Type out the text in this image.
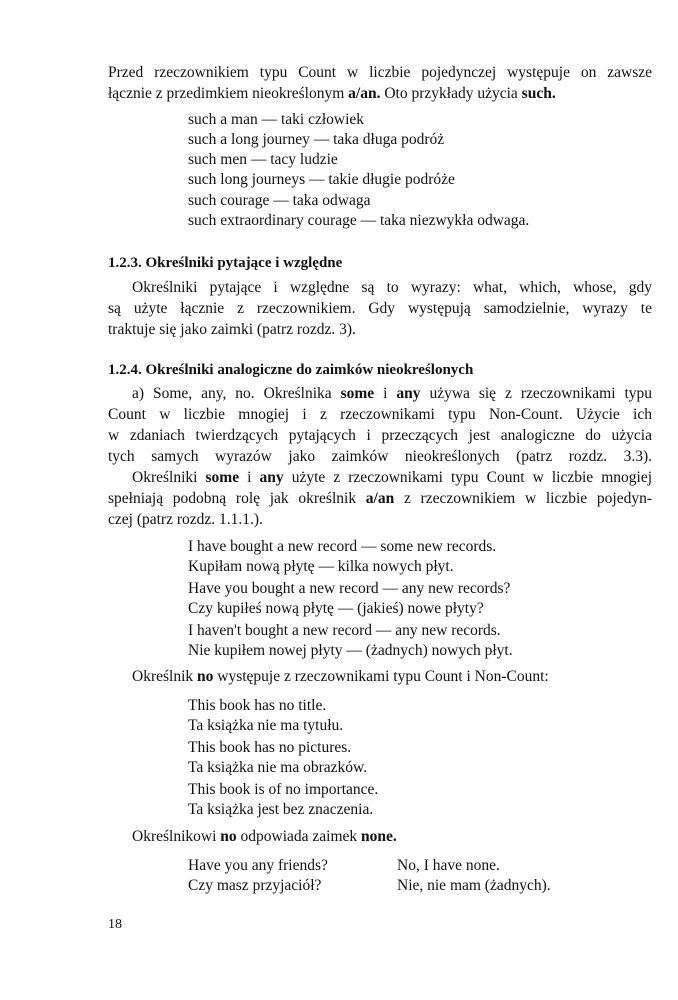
Przed rzeczownikiem typu Count w liczbie pojedynczej występuje on zawsze
łącznie z przedimkiem nieokreślonym a/an. Oto przykłady użycia such.
such a man — taki człowiek
such a long journey — taka długa podróż
such men — tacy ludzie
such long journeys — takie długie podróże
such courage — taka odwaga
such extraordinary courage — taka niezwykła odwaga.
1.2.3. Określniki pytające i względne
Określniki pytające i względne są to wyrazy: what, which, whose, gdy
są użyte łącznie z rzeczownikiem. Gdy występują samodzielnie, wyrazy te
traktuje się jako zaimki (patrz rozdz. 3).
1.2.4. Określniki analogiczne do zaimków nieokreślonych
a) Some, any, no. Określnika some i any używa się z rzeczownikami typu
Count w liczbie mnogiej i z rzeczownikami typu Non-Count. Użycie ich
w zdaniach twierdzących pytających i przeczących jest analogiczne do użycia
tych samych wyrazów jako zaimków nieokreślonych (patrz rozdz. 3.3).
Określniki some i any użyte z rzeczownikami typu Count w liczbie mnogiej
spełniają podobną rolę jak określnik a/an z rzeczownikiem w liczbie pojedyn-
czej (patrz rozdz. 1.1.1.).
I have bought a new record — some new records.
Kupiłam nową płytę — kilka nowych płyt.
Have you bought a new record — any new records?
Czy kupiłeś nową płytę — (jakieś) nowe płyty?
I haven't bought a new record — any new records.
Nie kupiłem nowej płyty — (żadnych) nowych płyt.
Określnik no występuje z rzeczownikami typu Count i Non-Count:
This book has no title.
Ta książka nie ma tytułu.
This book has no pictures.
Ta książka nie ma obrazków.
This book is of no importance.
Ta książka jest bez znaczenia.
Określnikowi no odpowiada zaimek none.
Have you any friends?	No, I have none.
Czy masz przyjaciół?	Nie, nie mam (żadnych).
18
